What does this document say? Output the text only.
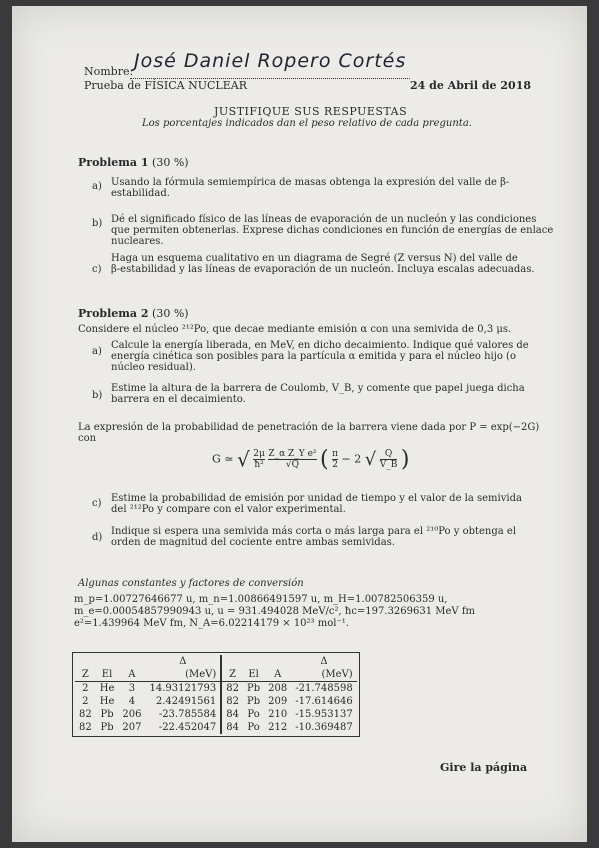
Nombre: José Daniel Ropero Cortés
Prueba de FÍSICA NUCLEAR	24 de Abril de 2018
JUSTIFIQUE SUS RESPUESTAS
Los porcentajes indicados dan el peso relativo de cada pregunta.
Problema 1 (30 %)
a) Usando la fórmula semiempírica de masas obtenga la expresión del valle de β-
estabilidad.
b) Dé el significado físico de las líneas de evaporación de un nucleón y las condiciones
que permiten obtenerlas. Exprese dichas condiciones en función de energías de enlace
nucleares.
c)
Haga un esquema cualitativo en un diagrama de Segré (Z versus N) del valle de
β-estabilidad y las líneas de evaporación de un nucleón. Incluya escalas adecuadas.
Problema 2 (30 %)
Considere el núcleo ²¹²Po, que decae mediante emisión α con una semivida de 0,3 μs.
a)
Calcule la energía liberada, en MeV, en dicho decaimiento. Indique qué valores de
energía cinética son posibles para la partícula α emitida y para el núcleo hijo (o
núcleo residual).
b)
Estime la altura de la barrera de Coulomb, V_B, y comente que papel juega dicha
barrera en el decaimiento.
La expresión de la probabilidad de penetración de la barrera viene dada por P = exp(−2G)
con
G ≃ √ $\frac{2\mu}{\text{ħ²}}$
$\frac{\text{Z\_α Z\_Y e²}}{√Q}$ ( $\frac{\pi}{2} - 2$ √ $\frac{Q}{V\_B}$ )
c) Estime la probabilidad de emisión por unidad de tiempo y el valor de la semivida
del ²¹²Po y compare con el valor experimental.
d)
Indique si espera una semivida más corta o más larga para el ²¹⁰Po y obtenga el
orden de magnitud del cociente entre ambas semividas.
Algunas constantes y factores de conversión
m_p=1.00727646677 u, m_n=1.00866491597 u, m_H=1.00782506359 u,
m_e=0.00054857990943 u, u = 931.494028 MeV/c², ħc=197.3269631 MeV fm
e²=1.439964 MeV fm, N_A=6.02214179 × 10²³ mol⁻¹.
			Δ				Δ
Z	El	A	(MeV)	Z	El	A	(MeV)
2	He	3	14.93121793	82	Pb	208	-21.748598
2	He	4	2.42491561	82	Pb	209	-17.614646
82	Pb	206	-23.785584	84	Po	210	-15.953137
82	Pb	207	-22.452047	84	Po	212	-10.369487
Gire la página
